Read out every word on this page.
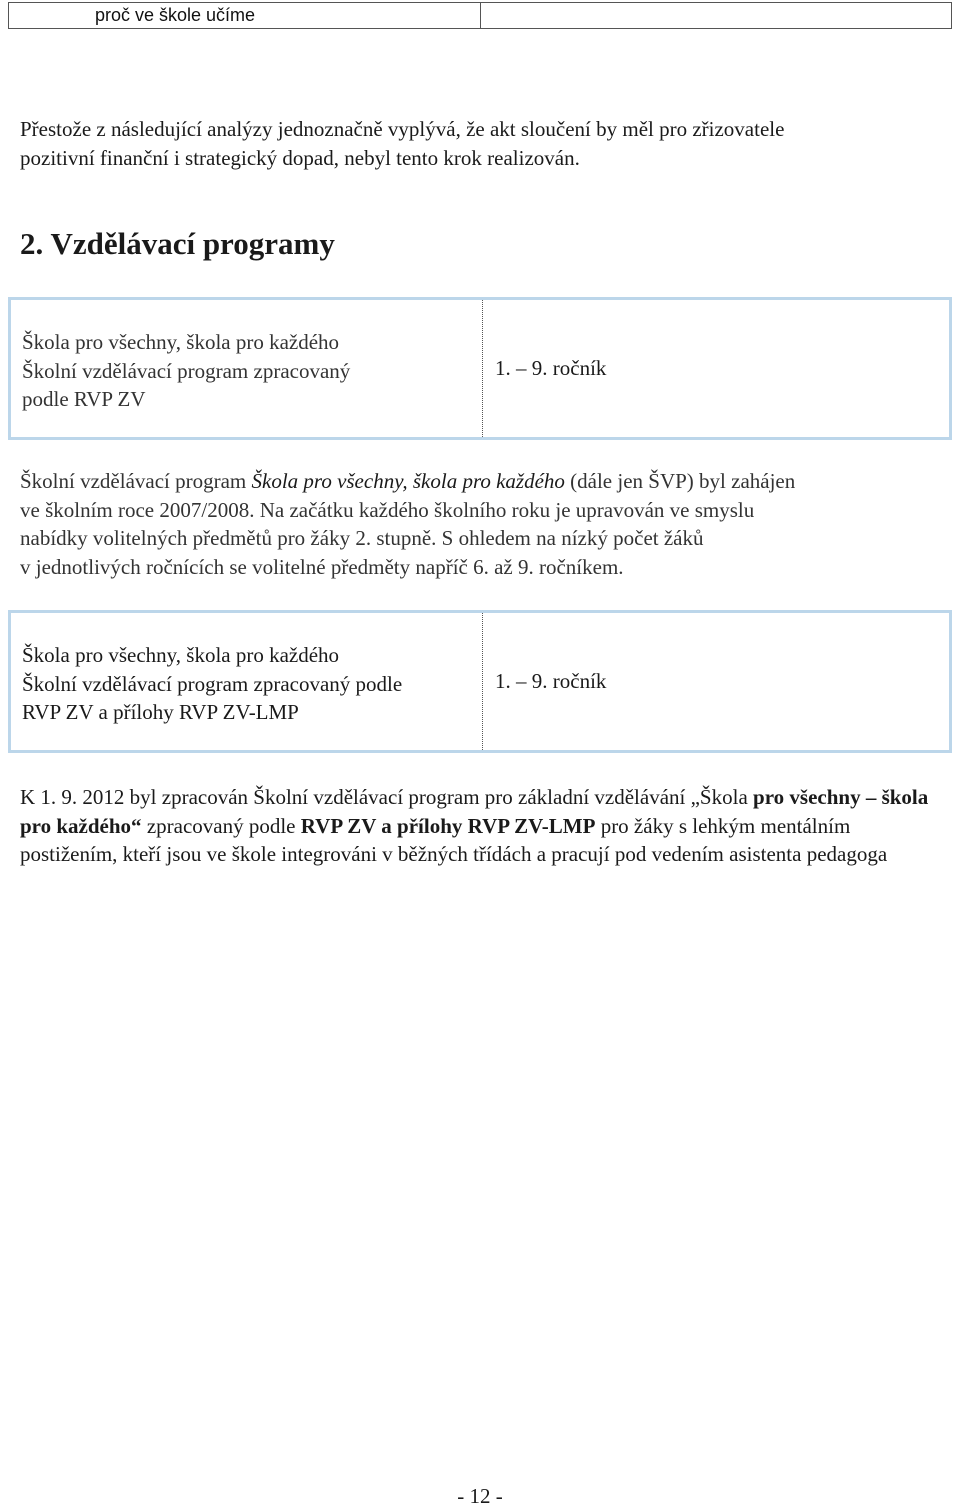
proč ve škole učíme
Přestože z následující analýzy jednoznačně vyplývá, že akt sloučení by měl pro zřizovatele
pozitivní finanční i strategický dopad, nebyl tento krok realizován.
2. Vzdělávací programy
Škola pro všechny, škola pro každého
Školní vzdělávací program zpracovaný
podle RVP ZV
1. – 9. ročník
Školní vzdělávací program Škola pro všechny, škola pro každého (dále jen ŠVP) byl zahájen
ve školním roce 2007/2008. Na začátku každého školního roku je upravován ve smyslu
nabídky volitelných předmětů pro žáky 2. stupně. S ohledem na nízký počet žáků
v jednotlivých ročnících se volitelné předměty napříč 6. až 9. ročníkem.
Škola pro všechny, škola pro každého
Školní vzdělávací program zpracovaný podle
RVP ZV a přílohy RVP ZV-LMP
1. – 9. ročník

K 1. 9. 2012 byl zpracován Školní vzdělávací program pro základní vzdělávání „Škola pro všechny – škola pro každého“ zpracovaný podle RVP ZV a přílohy RVP ZV-LMP pro žáky s lehkým mentálním postižením, kteří jsou ve škole integrováni v běžných třídách a pracují pod vedením asistenta pedagoga

- 12 -
